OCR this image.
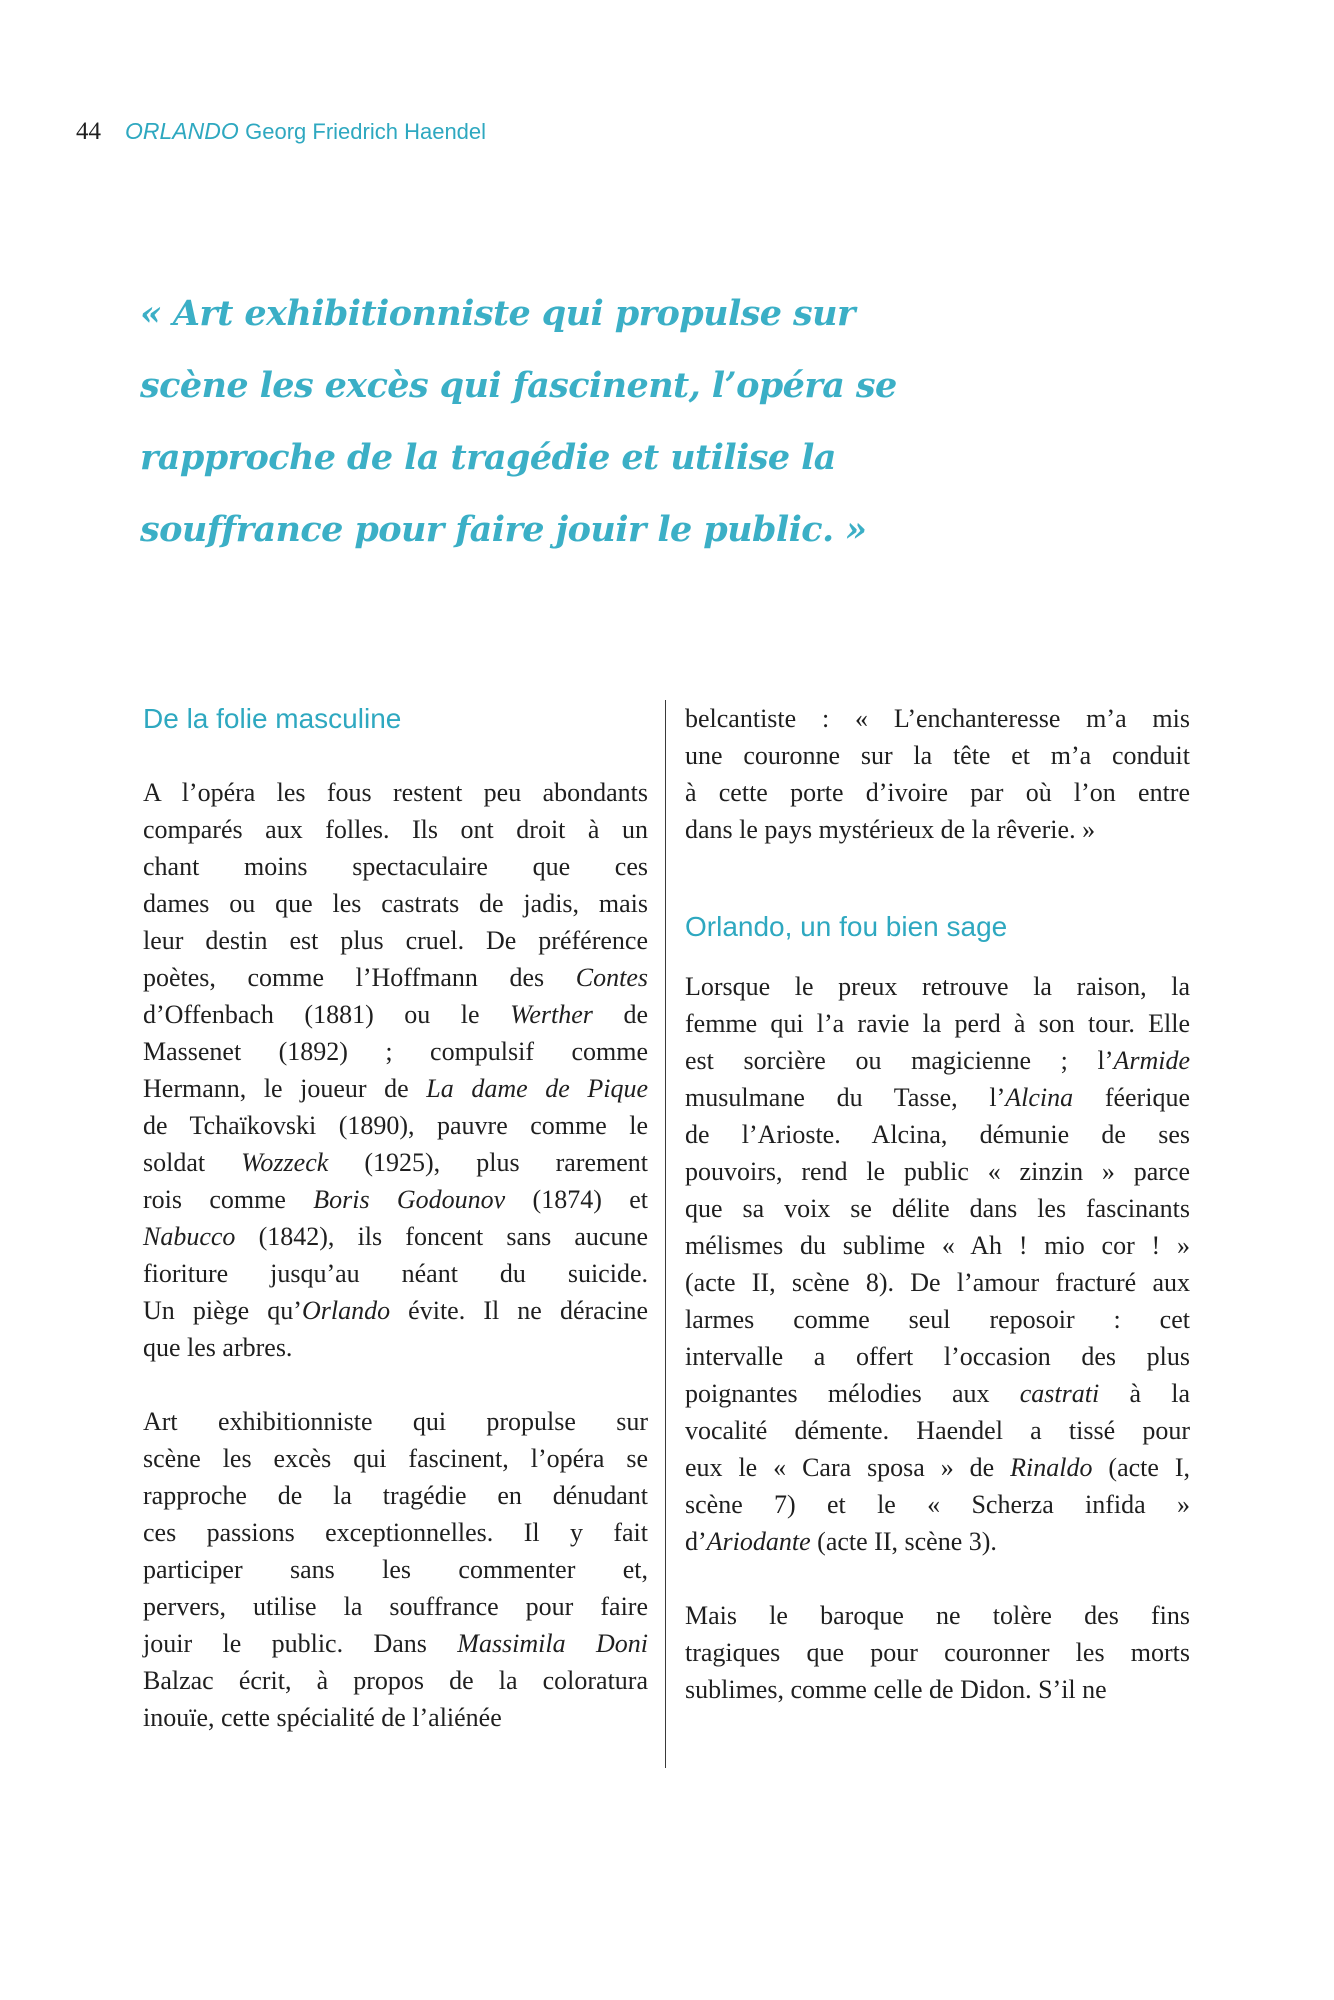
44 ORLANDO Georg Friedrich Haendel
« Art exhibitionniste qui propulse sur
scène les excès qui fascinent, l’opéra se
rapproche de la tragédie et utilise la
souffrance pour faire jouir le public. »
De la folie masculine
A l’opéra les fous restent peu abondants
comparés aux folles. Ils ont droit à un
chant moins spectaculaire que ces
dames ou que les castrats de jadis, mais
leur destin est plus cruel. De préférence
poètes, comme l’Hoffmann des Contes
d’Offenbach (1881) ou le Werther de
Massenet (1892) ; compulsif comme
Hermann, le joueur de La dame de Pique
de Tchaïkovski (1890), pauvre comme le
soldat Wozzeck (1925), plus rarement
rois comme Boris Godounov (1874) et
Nabucco (1842), ils foncent sans aucune
fioriture jusqu’au néant du suicide.
Un piège qu’Orlando évite. Il ne déracine
que les arbres.
Art exhibitionniste qui propulse sur
scène les excès qui fascinent, l’opéra se
rapproche de la tragédie en dénudant
ces passions exceptionnelles. Il y fait
participer sans les commenter et,
pervers, utilise la souffrance pour faire
jouir le public. Dans Massimila Doni
Balzac écrit, à propos de la coloratura
inouïe, cette spécialité de l’aliénée
belcantiste : « L’enchanteresse m’a mis
une couronne sur la tête et m’a conduit
à cette porte d’ivoire par où l’on entre
dans le pays mystérieux de la rêverie. »
Orlando, un fou bien sage
Lorsque le preux retrouve la raison, la
femme qui l’a ravie la perd à son tour. Elle
est sorcière ou magicienne ; l’Armide
musulmane du Tasse, l’Alcina féerique
de l’Arioste. Alcina, démunie de ses
pouvoirs, rend le public « zinzin » parce
que sa voix se délite dans les fascinants
mélismes du sublime « Ah ! mio cor ! »
(acte II, scène 8). De l’amour fracturé aux
larmes comme seul reposoir : cet
intervalle a offert l’occasion des plus
poignantes mélodies aux castrati à la
vocalité démente. Haendel a tissé pour
eux le « Cara sposa » de Rinaldo (acte I,
scène 7) et le « Scherza infida »
d’Ariodante (acte II, scène 3).
Mais le baroque ne tolère des fins
tragiques que pour couronner les morts
sublimes, comme celle de Didon. S’il ne
